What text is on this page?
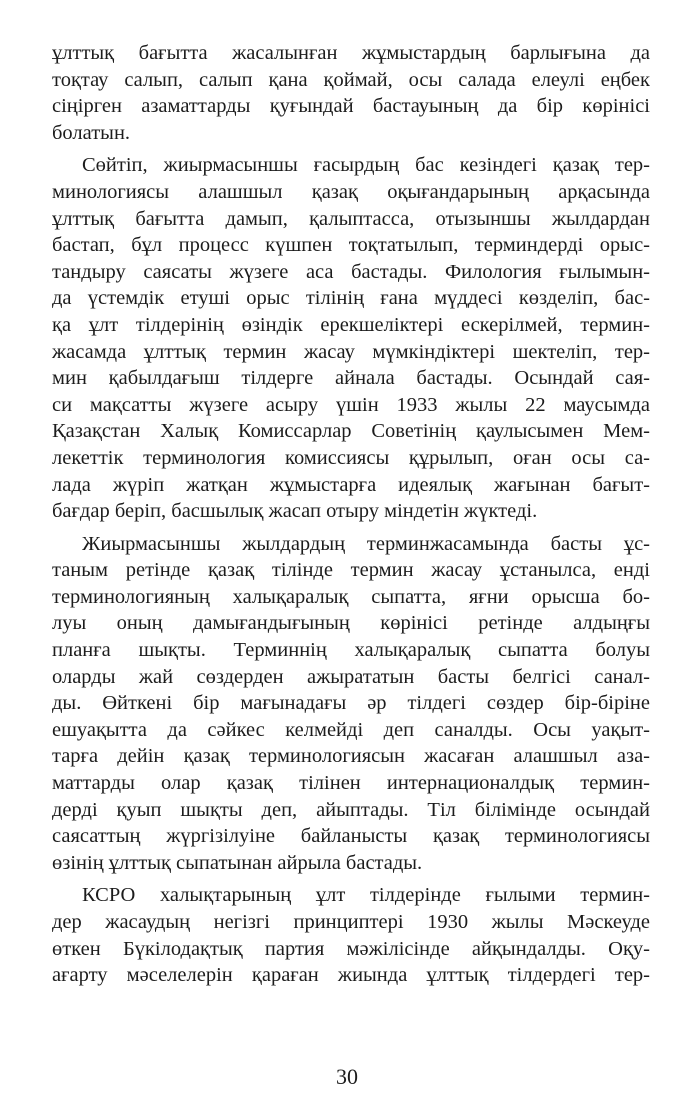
ұлттық бағытта жасалынған жұмыстардың барлығына да
тоқтау салып, салып қана қоймай, осы салада елеулі еңбек
сіңірген азаматтарды қуғындай бастауының да бір көрінісі
болатын.
Сөйтіп, жиырмасыншы ғасырдың бас кезіндегі қазақ тер-
минологиясы алашшыл қазақ оқығандарының арқасында
ұлттық бағытта дамып, қалыптасса, отызыншы жылдардан
бастап, бұл процесс күшпен тоқтатылып, терминдерді орыс-
тандыру саясаты жүзеге аса бастады. Филология ғылымын-
да үстемдік етуші орыс тілінің ғана мүддесі көзделіп, бас-
қа ұлт тілдерінің өзіндік ерекшеліктері ескерілмей, термин-
жасамда ұлттық термин жасау мүмкіндіктері шектеліп, тер-
мин қабылдағыш тілдерге айнала бастады. Осындай сая-
си мақсатты жүзеге асыру үшін 1933 жылы 22 маусымда
Қазақстан Халық Комиссарлар Советінің қаулысымен Мем-
лекеттік терминология комиссиясы құрылып, оған осы са-
лада жүріп жатқан жұмыстарға идеялық жағынан бағыт-
бағдар беріп, басшылық жасап отыру міндетін жүктеді.
Жиырмасыншы жылдардың терминжасамында басты ұс-
таным ретінде қазақ тілінде термин жасау ұстанылса, енді
терминологияның халықаралық сыпатта, яғни орысша бо-
луы оның дамығандығының көрінісі ретінде алдыңғы
планға шықты. Терминнің халықаралық сыпатта болуы
оларды жай сөздерден ажырататын басты белгісі санал-
ды. Өйткені бір мағынадағы әр тілдегі сөздер бір-біріне
ешуақытта да сәйкес келмейді деп саналды. Осы уақыт-
тарға дейін қазақ терминологиясын жасаған алашшыл аза-
маттарды олар қазақ тілінен интернационалдық термин-
дерді қуып шықты деп, айыптады. Тіл білімінде осындай
саясаттың жүргізілуіне байланысты қазақ терминологиясы
өзінің ұлттық сыпатынан айрыла бастады.
КСРО халықтарының ұлт тілдерінде ғылыми термин-
дер жасаудың негізгі принциптері 1930 жылы Мәскеуде
өткен Бүкілодақтық партия мәжілісінде айқындалды. Оқу-
ағарту мәселелерін қараған жиында ұлттық тілдердегі тер-
30
